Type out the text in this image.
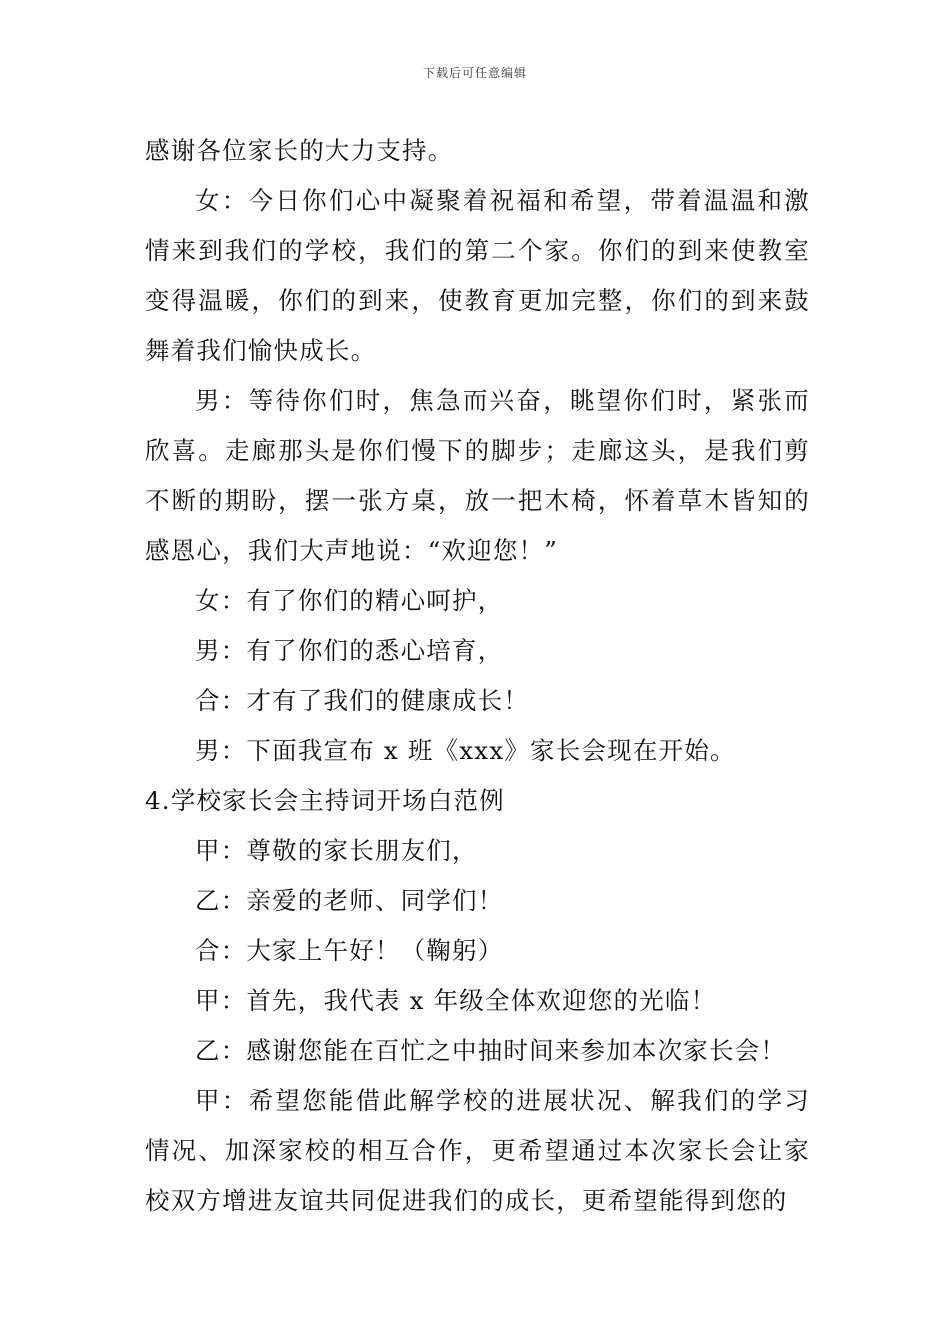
下载后可任意编辑

感谢各位家长的大力支持。

女：今日你们心中凝聚着祝福和希望，带着温温和激情来到我们的学校，我们的第二个家。你们的到来使教室变得温暖，你们的到来，使教育更加完整，你们的到来鼓舞着我们愉快成长。

男：等待你们时，焦急而兴奋，眺望你们时，紧张而欣喜。走廊那头是你们慢下的脚步；走廊这头，是我们剪不断的期盼，摆一张方桌，放一把木椅，怀着草木皆知的感恩心，我们大声地说：“欢迎您！”

女：有了你们的精心呵护，

男：有了你们的悉心培育，

合：才有了我们的健康成长！

男：下面我宣布 x 班《xxx》家长会现在开始。

4.学校家长会主持词开场白范例

甲：尊敬的家长朋友们，

乙：亲爱的老师、同学们！

合：大家上午好！（鞠躬）

甲：首先，我代表 x 年级全体欢迎您的光临！

乙：感谢您能在百忙之中抽时间来参加本次家长会！

甲：希望您能借此解学校的进展状况、解我们的学习情况、加深家校的相互合作，更希望通过本次家长会让家校双方增进友谊共同促进我们的成长，更希望能得到您的
